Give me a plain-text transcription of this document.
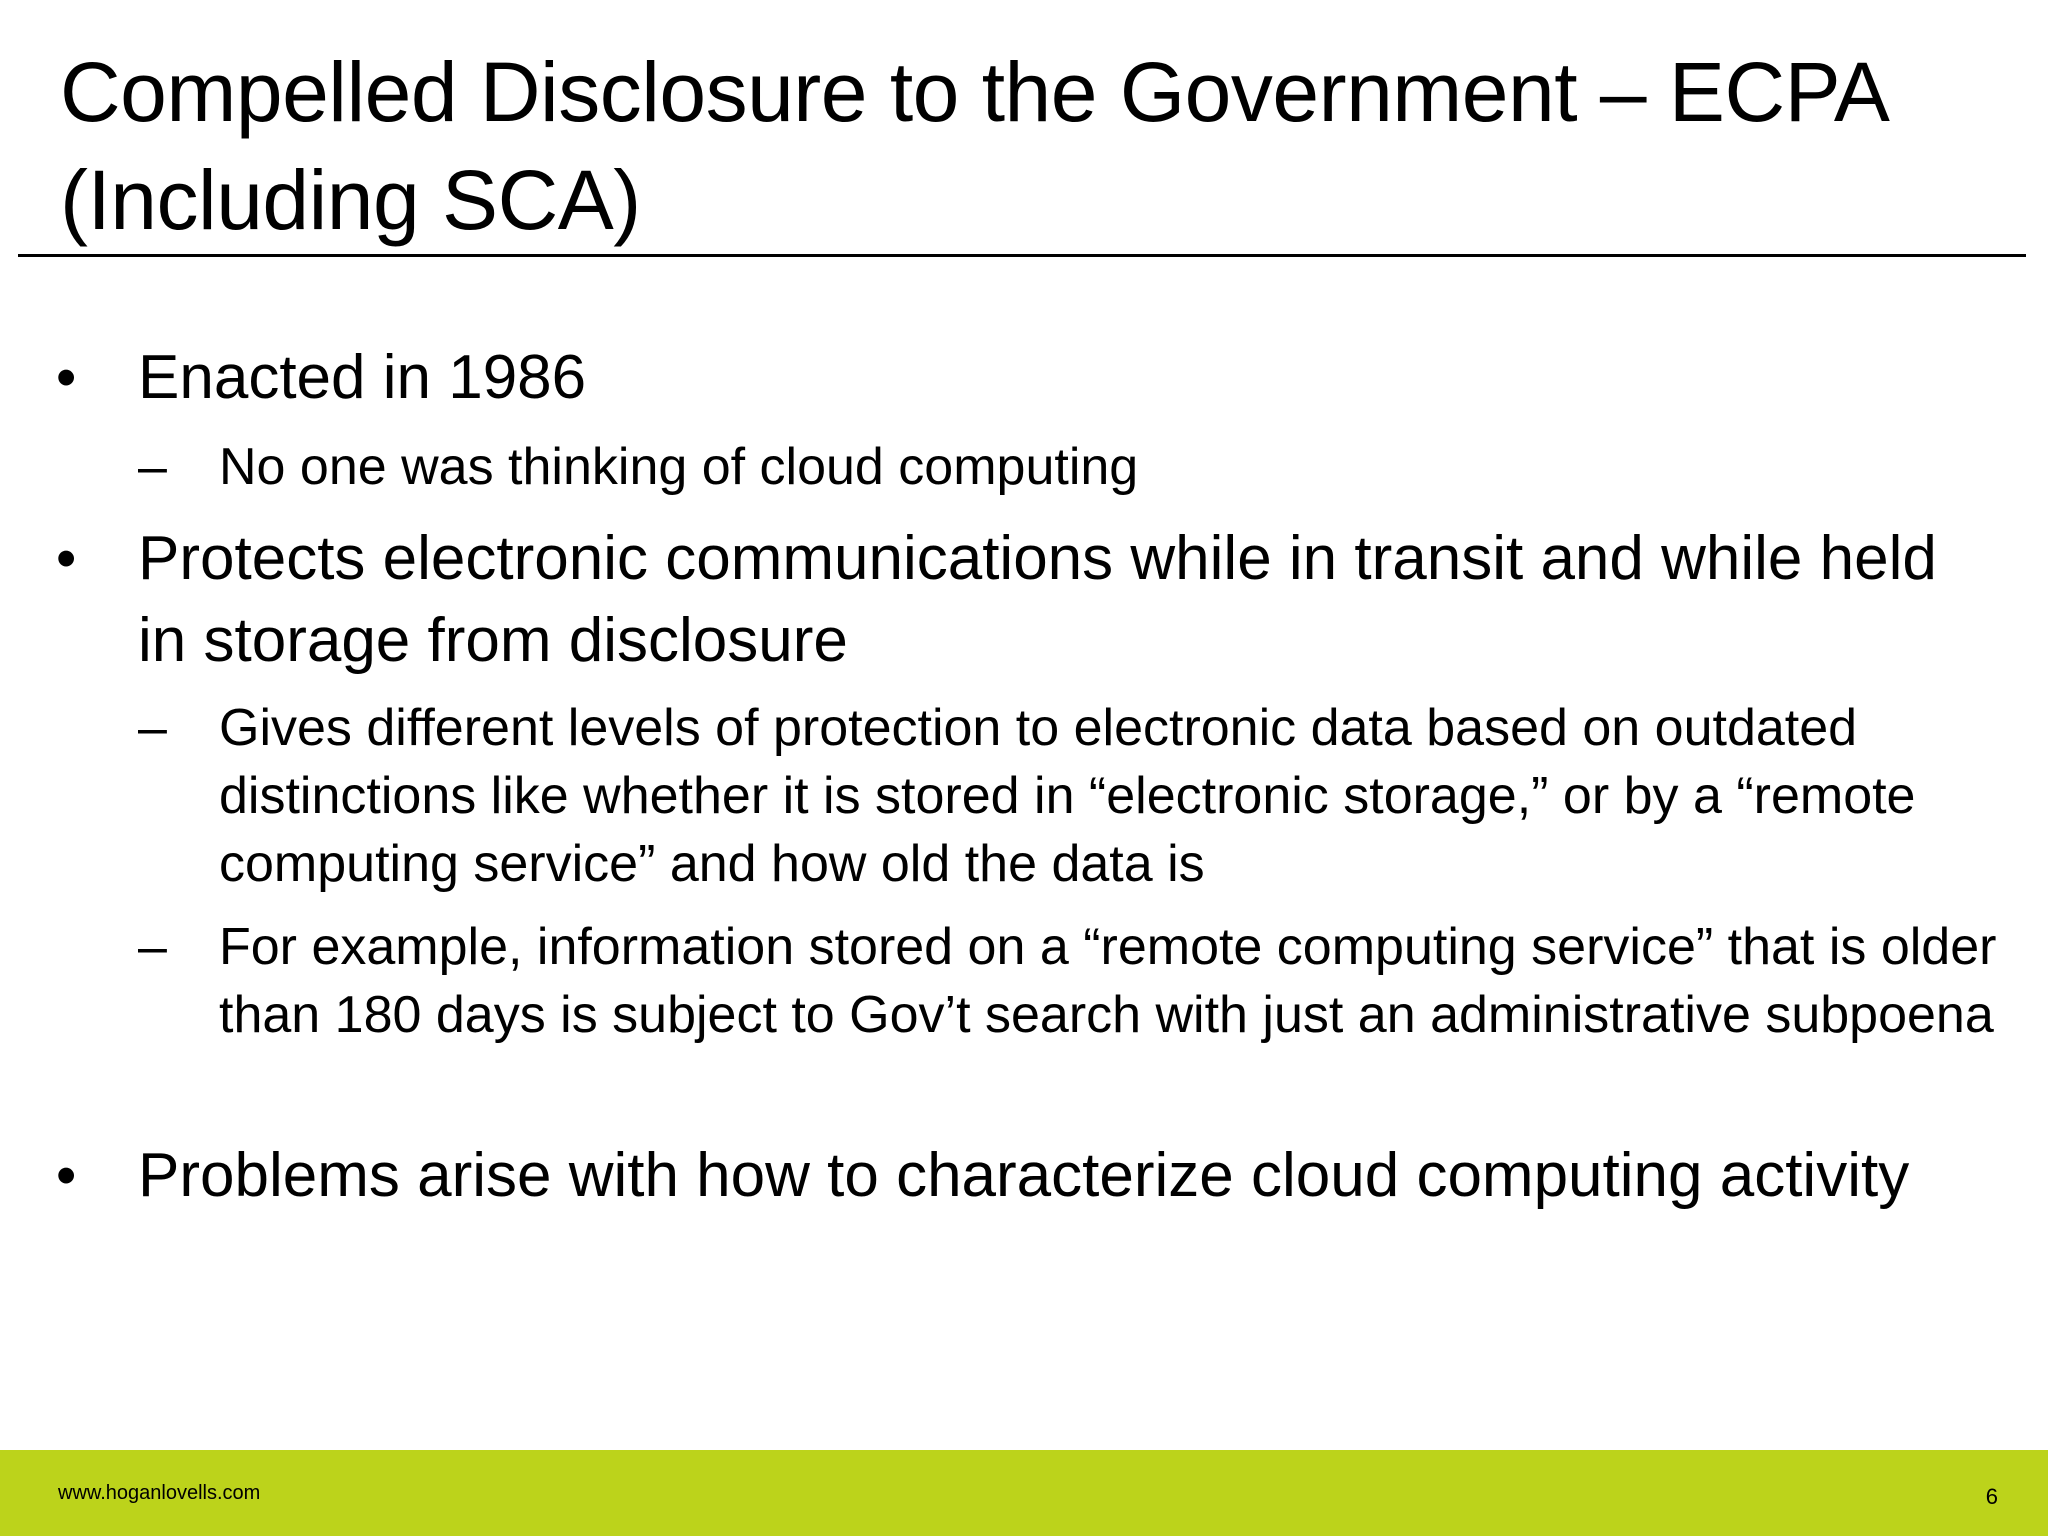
Compelled Disclosure to the Government – ECPA (Including SCA)
• Enacted in 1986
– No one was thinking of cloud computing
• Protects electronic communications while in transit and while held in storage from disclosure
– Gives different levels of protection to electronic data based on outdated distinctions like whether it is stored in “electronic storage,” or by a “remote computing service” and how old the data is
– For example, information stored on a “remote computing service” that is older than 180 days is subject to Gov’t search with just an administrative subpoena
• Problems arise with how to characterize cloud computing activity
www.hoganlovells.com	6
